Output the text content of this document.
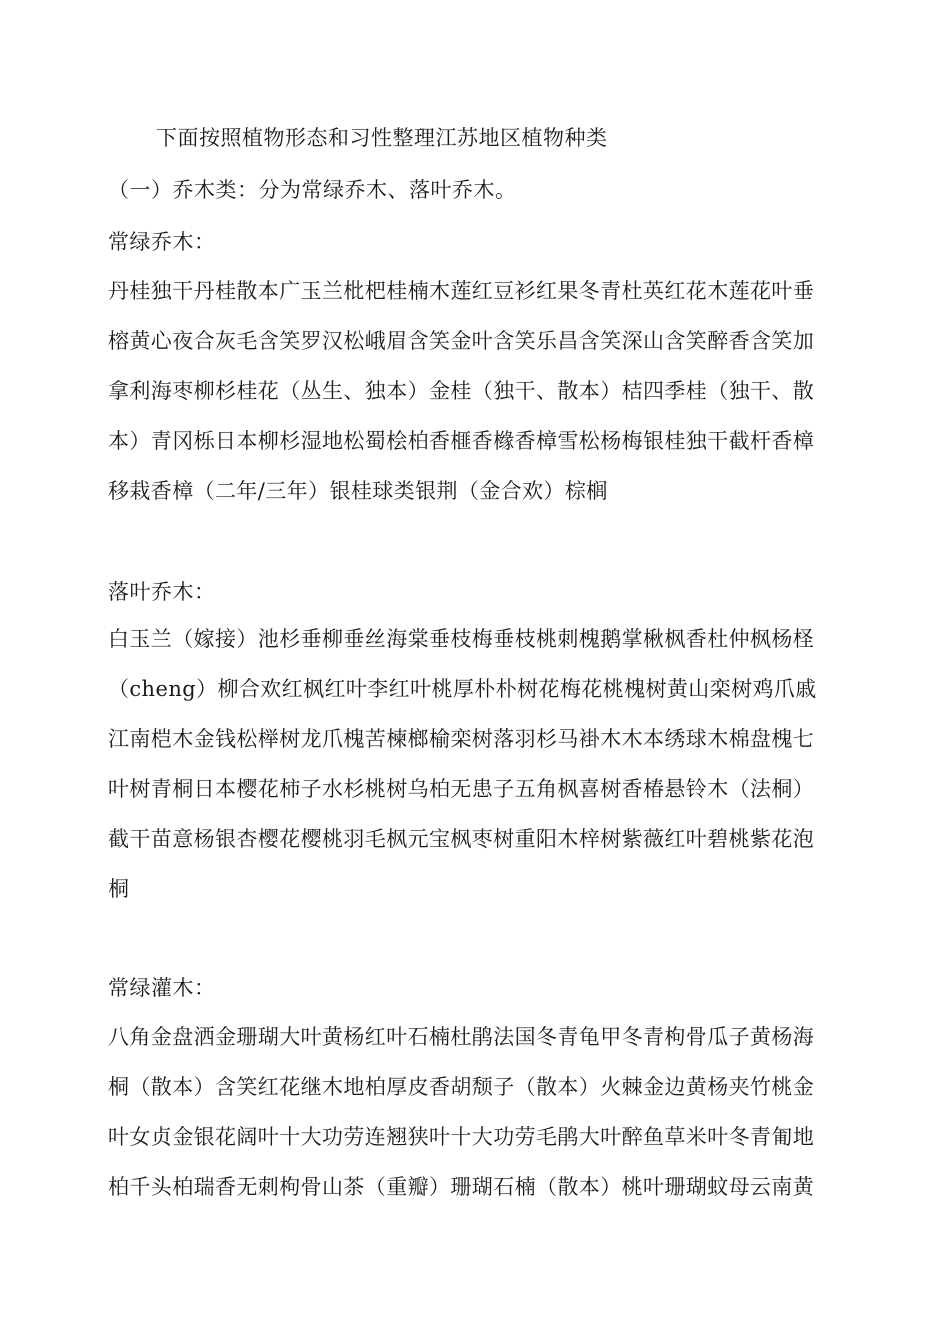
下面按照植物形态和习性整理江苏地区植物种类
（一）乔木类：分为常绿乔木、落叶乔木。
常绿乔木：
丹桂独干丹桂散本广玉兰枇杷桂楠木莲红豆衫红果冬青杜英红花木莲花叶垂
榕黄心夜合灰毛含笑罗汉松峨眉含笑金叶含笑乐昌含笑深山含笑醉香含笑加
拿利海枣柳杉桂花（丛生、独本）金桂（独干、散本）桔四季桂（独干、散
本）青冈栎日本柳杉湿地松蜀桧柏香榧香橼香樟雪松杨梅银桂独干截杆香樟
移栽香樟（二年/三年）银桂球类银荆（金合欢）棕榈
落叶乔木：
白玉兰（嫁接）池杉垂柳垂丝海棠垂枝梅垂枝桃刺槐鹅掌楸枫香杜仲枫杨柽
（cheng）柳合欢红枫红叶李红叶桃厚朴朴树花梅花桃槐树黄山栾树鸡爪戚
江南桤木金钱松榉树龙爪槐苦楝榔榆栾树落羽杉马褂木木本绣球木棉盘槐七
叶树青桐日本樱花柿子水杉桃树乌柏无患子五角枫喜树香椿悬铃木（法桐）
截干苗意杨银杏樱花樱桃羽毛枫元宝枫枣树重阳木梓树紫薇红叶碧桃紫花泡
桐
常绿灌木：
八角金盘洒金珊瑚大叶黄杨红叶石楠杜鹃法国冬青龟甲冬青枸骨瓜子黄杨海
桐（散本）含笑红花继木地柏厚皮香胡颓子（散本）火棘金边黄杨夹竹桃金
叶女贞金银花阔叶十大功劳连翘狭叶十大功劳毛鹃大叶醉鱼草米叶冬青匍地
柏千头柏瑞香无刺枸骨山茶（重瓣）珊瑚石楠（散本）桃叶珊瑚蚊母云南黄
